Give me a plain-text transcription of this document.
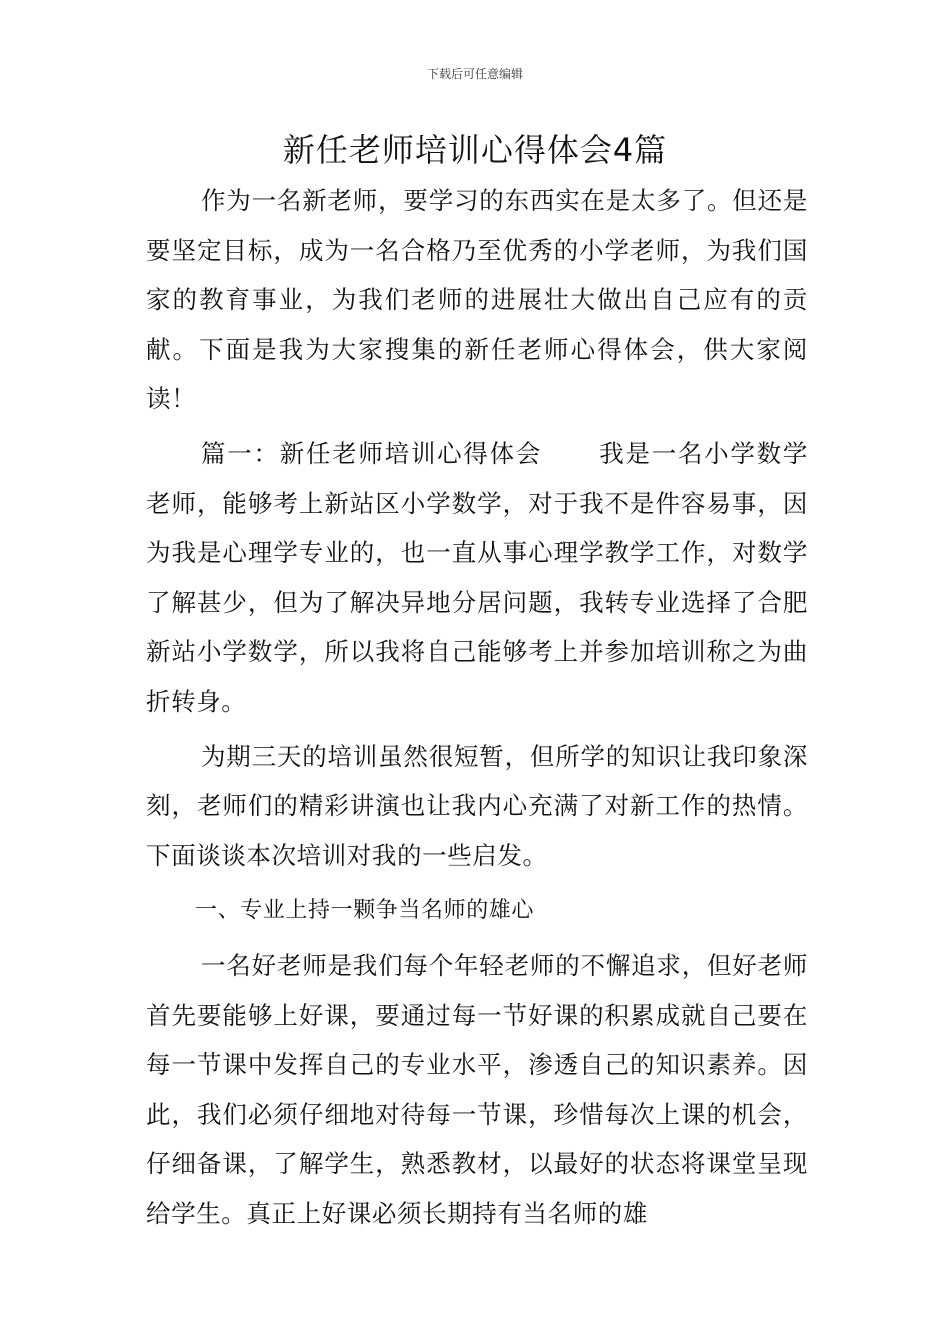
下载后可任意编辑
新任老师培训心得体会4篇

作为一名新老师，要学习的东西实在是太多了。但还是要坚定目标，成为一名合格乃至优秀的小学老师，为我们国家的教育事业，为我们老师的进展壮大做出自己应有的贡献。下面是我为大家搜集的新任老师心得体会，供大家阅读！

篇一：新任老师培训心得体会 我是一名小学数学老师，能够考上新站区小学数学，对于我不是件容易事，因为我是心理学专业的，也一直从事心理学教学工作，对数学了解甚少，但为了解决异地分居问题，我转专业选择了合肥新站小学数学，所以我将自己能够考上并参加培训称之为曲折转身。

为期三天的培训虽然很短暂，但所学的知识让我印象深刻，老师们的精彩讲演也让我内心充满了对新工作的热情。下面谈谈本次培训对我的一些启发。

一、专业上持一颗争当名师的雄心

一名好老师是我们每个年轻老师的不懈追求，但好老师首先要能够上好课，要通过每一节好课的积累成就自己要在每一节课中发挥自己的专业水平，渗透自己的知识素养。因此，我们必须仔细地对待每一节课，珍惜每次上课的机会，仔细备课，了解学生，熟悉教材，以最好的状态将课堂呈现给学生。真正上好课必须长期持有当名师的雄
